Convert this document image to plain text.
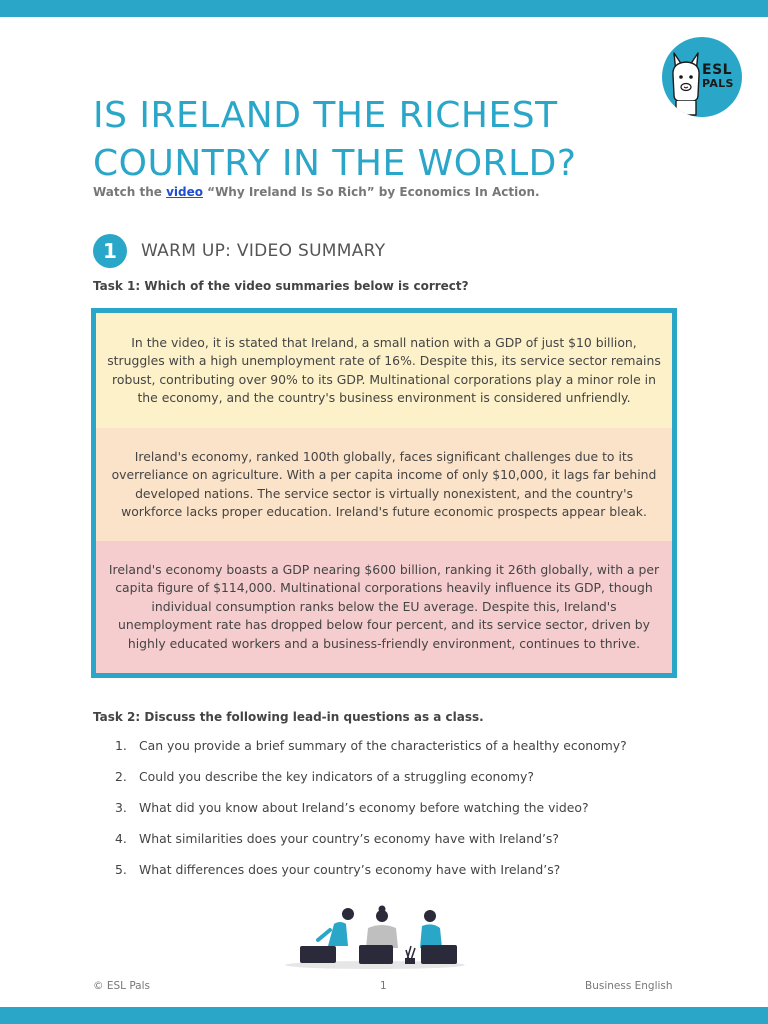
ESL
PALS
IS IRELAND THE RICHEST COUNTRY IN THE WORLD?
Watch the video “Why Ireland Is So Rich” by Economics In Action.
1	WARM UP: VIDEO SUMMARY
Task 1: Which of the video summaries below is correct?
In the video, it is stated that Ireland, a small nation with a GDP of just $10 billion, struggles with a high unemployment rate of 16%. Despite this, its service sector remains robust, contributing over 90% to its GDP. Multinational corporations play a minor role in the economy, and the country's business environment is considered unfriendly.
Ireland's economy, ranked 100th globally, faces significant challenges due to its overreliance on agriculture. With a per capita income of only $10,000, it lags far behind developed nations. The service sector is virtually nonexistent, and the country's workforce lacks proper education. Ireland's future economic prospects appear bleak.
Ireland's economy boasts a GDP nearing $600 billion, ranking it 26th globally, with a per capita figure of $114,000. Multinational corporations heavily influence its GDP, though individual consumption ranks below the EU average. Despite this, Ireland's unemployment rate has dropped below four percent, and its service sector, driven by highly educated workers and a business-friendly environment, continues to thrive.
Task 2: Discuss the following lead-in questions as a class.
1. Can you provide a brief summary of the characteristics of a healthy economy?
2. Could you describe the key indicators of a struggling economy?
3. What did you know about Ireland’s economy before watching the video?
4. What similarities does your country’s economy have with Ireland’s?
5. What differences does your country’s economy have with Ireland’s?
© ESL Pals	1	Business English
